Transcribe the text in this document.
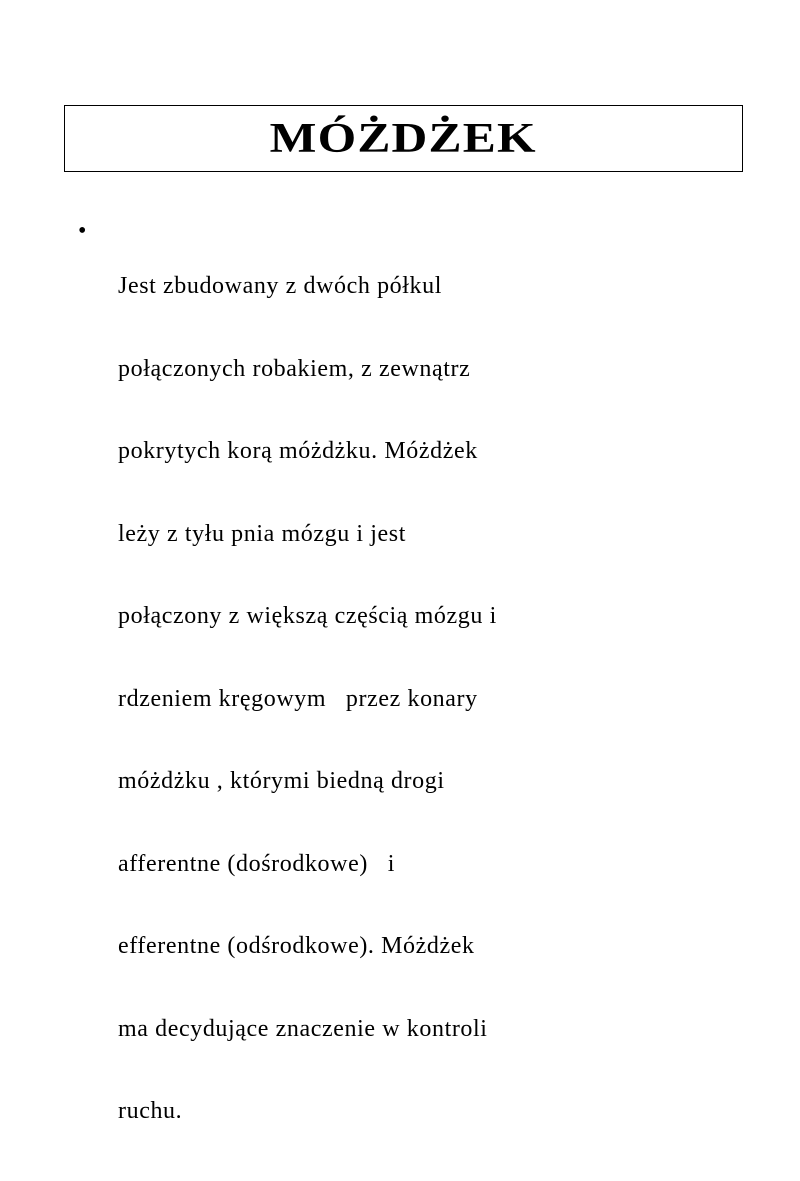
MÓŻDŻEK
•

Jest zbudowany z dwóch półkul

połączonych robakiem, z zewnątrz

pokrytych korą móżdżku. Móżdżek

leży z tyłu pnia mózgu i jest

połączony z większą częścią mózgu i

rdzeniem kręgowym   przez konary

móżdżku , którymi biedną drogi

afferentne (dośrodkowe)   i

efferentne (odśrodkowe). Móżdżek

ma decydujące znaczenie w kontroli

ruchu.
